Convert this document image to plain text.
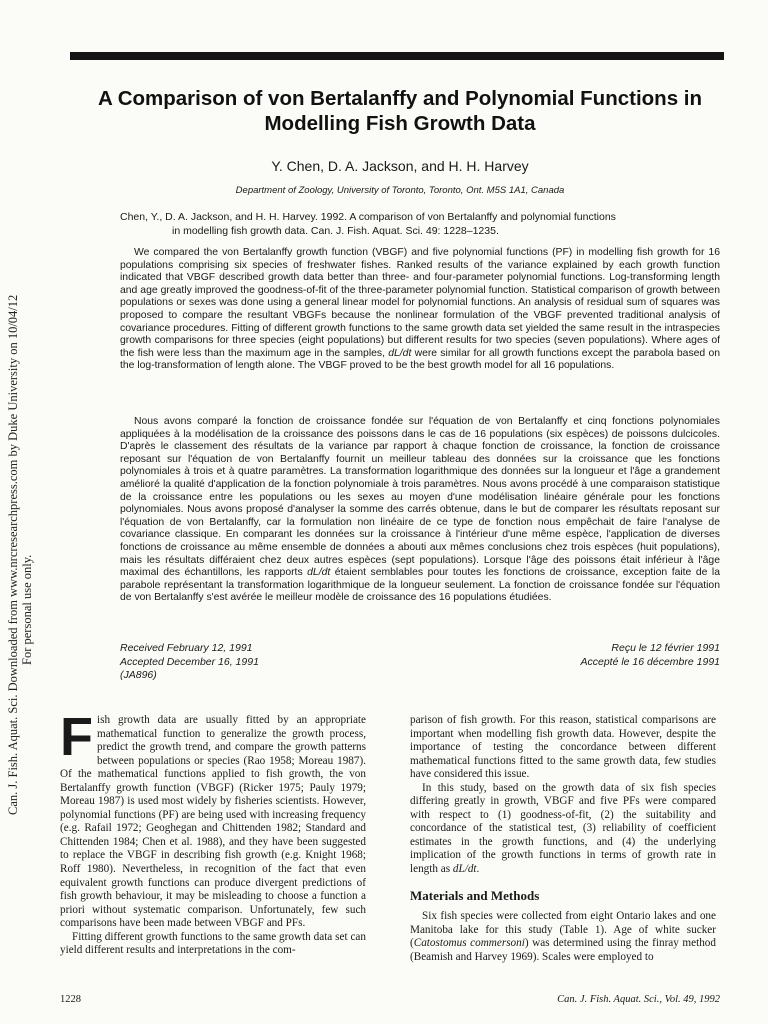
Can. J. Fish. Aquat. Sci. Downloaded from www.nrcresearchpress.com by Duke University on 10/04/12 For personal use only.
A Comparison of von Bertalanffy and Polynomial Functions in
Modelling Fish Growth Data
Y. Chen, D. A. Jackson, and H. H. Harvey
Department of Zoology, University of Toronto, Toronto, Ont. M5S 1A1, Canada
Chen, Y., D. A. Jackson, and H. H. Harvey. 1992. A comparison of von Bertalanffy and polynomial functions
in modelling fish growth data. Can. J. Fish. Aquat. Sci. 49: 1228–1235.

We compared the von Bertalanffy growth function (VBGF) and five polynomial functions (PF) in modelling fish growth for 16 populations comprising six species of freshwater fishes. Ranked results of the variance explained by each growth function indicated that VBGF described growth data better than three- and four-parameter polynomial functions. Log-transforming length and age greatly improved the goodness-of-fit of the three-parameter polynomial function. Statistical comparison of growth between populations or sexes was done using a general linear model for polynomial functions. An analysis of residual sum of squares was proposed to compare the resultant VBGFs because the nonlinear formulation of the VBGF prevented traditional analysis of covariance procedures. Fitting of different growth functions to the same growth data set yielded the same result in the intraspecies growth comparisons for three species (eight populations) but different results for two species (seven populations). Where ages of the fish were less than the maximum age in the samples, dL/dt were similar for all growth functions except the parabola based on the log-transformation of length alone. The VBGF proved to be the best growth model for all 16 populations.

Nous avons comparé la fonction de croissance fondée sur l'équation de von Bertalanffy et cinq fonctions polynomiales appliquées à la modélisation de la croissance des poissons dans le cas de 16 populations (six espèces) de poissons dulcicoles. D'après le classement des résultats de la variance par rapport à chaque fonction de croissance, la fonction de croissance reposant sur l'équation de von Bertalanffy fournit un meilleur tableau des données sur la croissance que les fonctions polynomiales à trois et à quatre paramètres. La transformation logarithmique des données sur la longueur et l'âge a grandement amélioré la qualité d'application de la fonction polynomiale à trois paramètres. Nous avons procédé à une comparaison statistique de la croissance entre les populations ou les sexes au moyen d'une modélisation linéaire générale pour les fonctions polynomiales. Nous avons proposé d'analyser la somme des carrés obtenue, dans le but de comparer les résultats reposant sur l'équation de von Bertalanffy, car la formulation non linéaire de ce type de fonction nous empêchait de faire l'analyse de covariance classique. En comparant les données sur la croissance à l'intérieur d'une même espèce, l'application de diverses fonctions de croissance au même ensemble de données a abouti aux mêmes conclusions chez trois espèces (huit populations), mais les résultats différaient chez deux autres espèces (sept populations). Lorsque l'âge des poissons était inférieur à l'âge maximal des échantillons, les rapports dL/dt étaient semblables pour toutes les fonctions de croissance, exception faite de la parabole représentant la transformation logarithmique de la longueur seulement. La fonction de croissance fondée sur l'équation de von Bertalanffy s'est avérée le meilleur modèle de croissance des 16 populations étudiées.

Received February 12, 1991
Accepted December 16, 1991
(JA896)
Reçu le 12 février 1991
Accepté le 16 décembre 1991

Fish growth data are usually fitted by an appropriate mathematical function to generalize the growth process, predict the growth trend, and compare the growth patterns between populations or species (Rao 1958; Moreau 1987). Of the mathematical functions applied to fish growth, the von Bertalanffy growth function (VBGF) (Ricker 1975; Pauly 1979; Moreau 1987) is used most widely by fisheries scientists. However, polynomial functions (PF) are being used with increasing frequency (e.g. Rafail 1972; Geoghegan and Chittenden 1982; Standard and Chittenden 1984; Chen et al. 1988), and they have been suggested to replace the VBGF in describing fish growth (e.g. Knight 1968; Roff 1980). Nevertheless, in recognition of the fact that even equivalent growth functions can produce divergent predictions of fish growth behaviour, it may be misleading to choose a function a priori without systematic comparison. Unfortunately, few such comparisons have been made between VBGF and PFs.

Fitting different growth functions to the same growth data set can yield different results and interpretations in the com-

parison of fish growth. For this reason, statistical comparisons are important when modelling fish growth data. However, despite the importance of testing the concordance between different mathematical functions fitted to the same growth data, few studies have considered this issue.

In this study, based on the growth data of six fish species differing greatly in growth, VBGF and five PFs were compared with respect to (1) goodness-of-fit, (2) the suitability and concordance of the statistical test, (3) reliability of coefficient estimates in the growth functions, and (4) the underlying implication of the growth functions in terms of growth rate in length as dL/dt.

Materials and Methods

Six fish species were collected from eight Ontario lakes and one Manitoba lake for this study (Table 1). Age of white sucker (Catostomus commersoni) was determined using the finray method (Beamish and Harvey 1969). Scales were employed to

1228	Can. J. Fish. Aquat. Sci., Vol. 49, 1992
